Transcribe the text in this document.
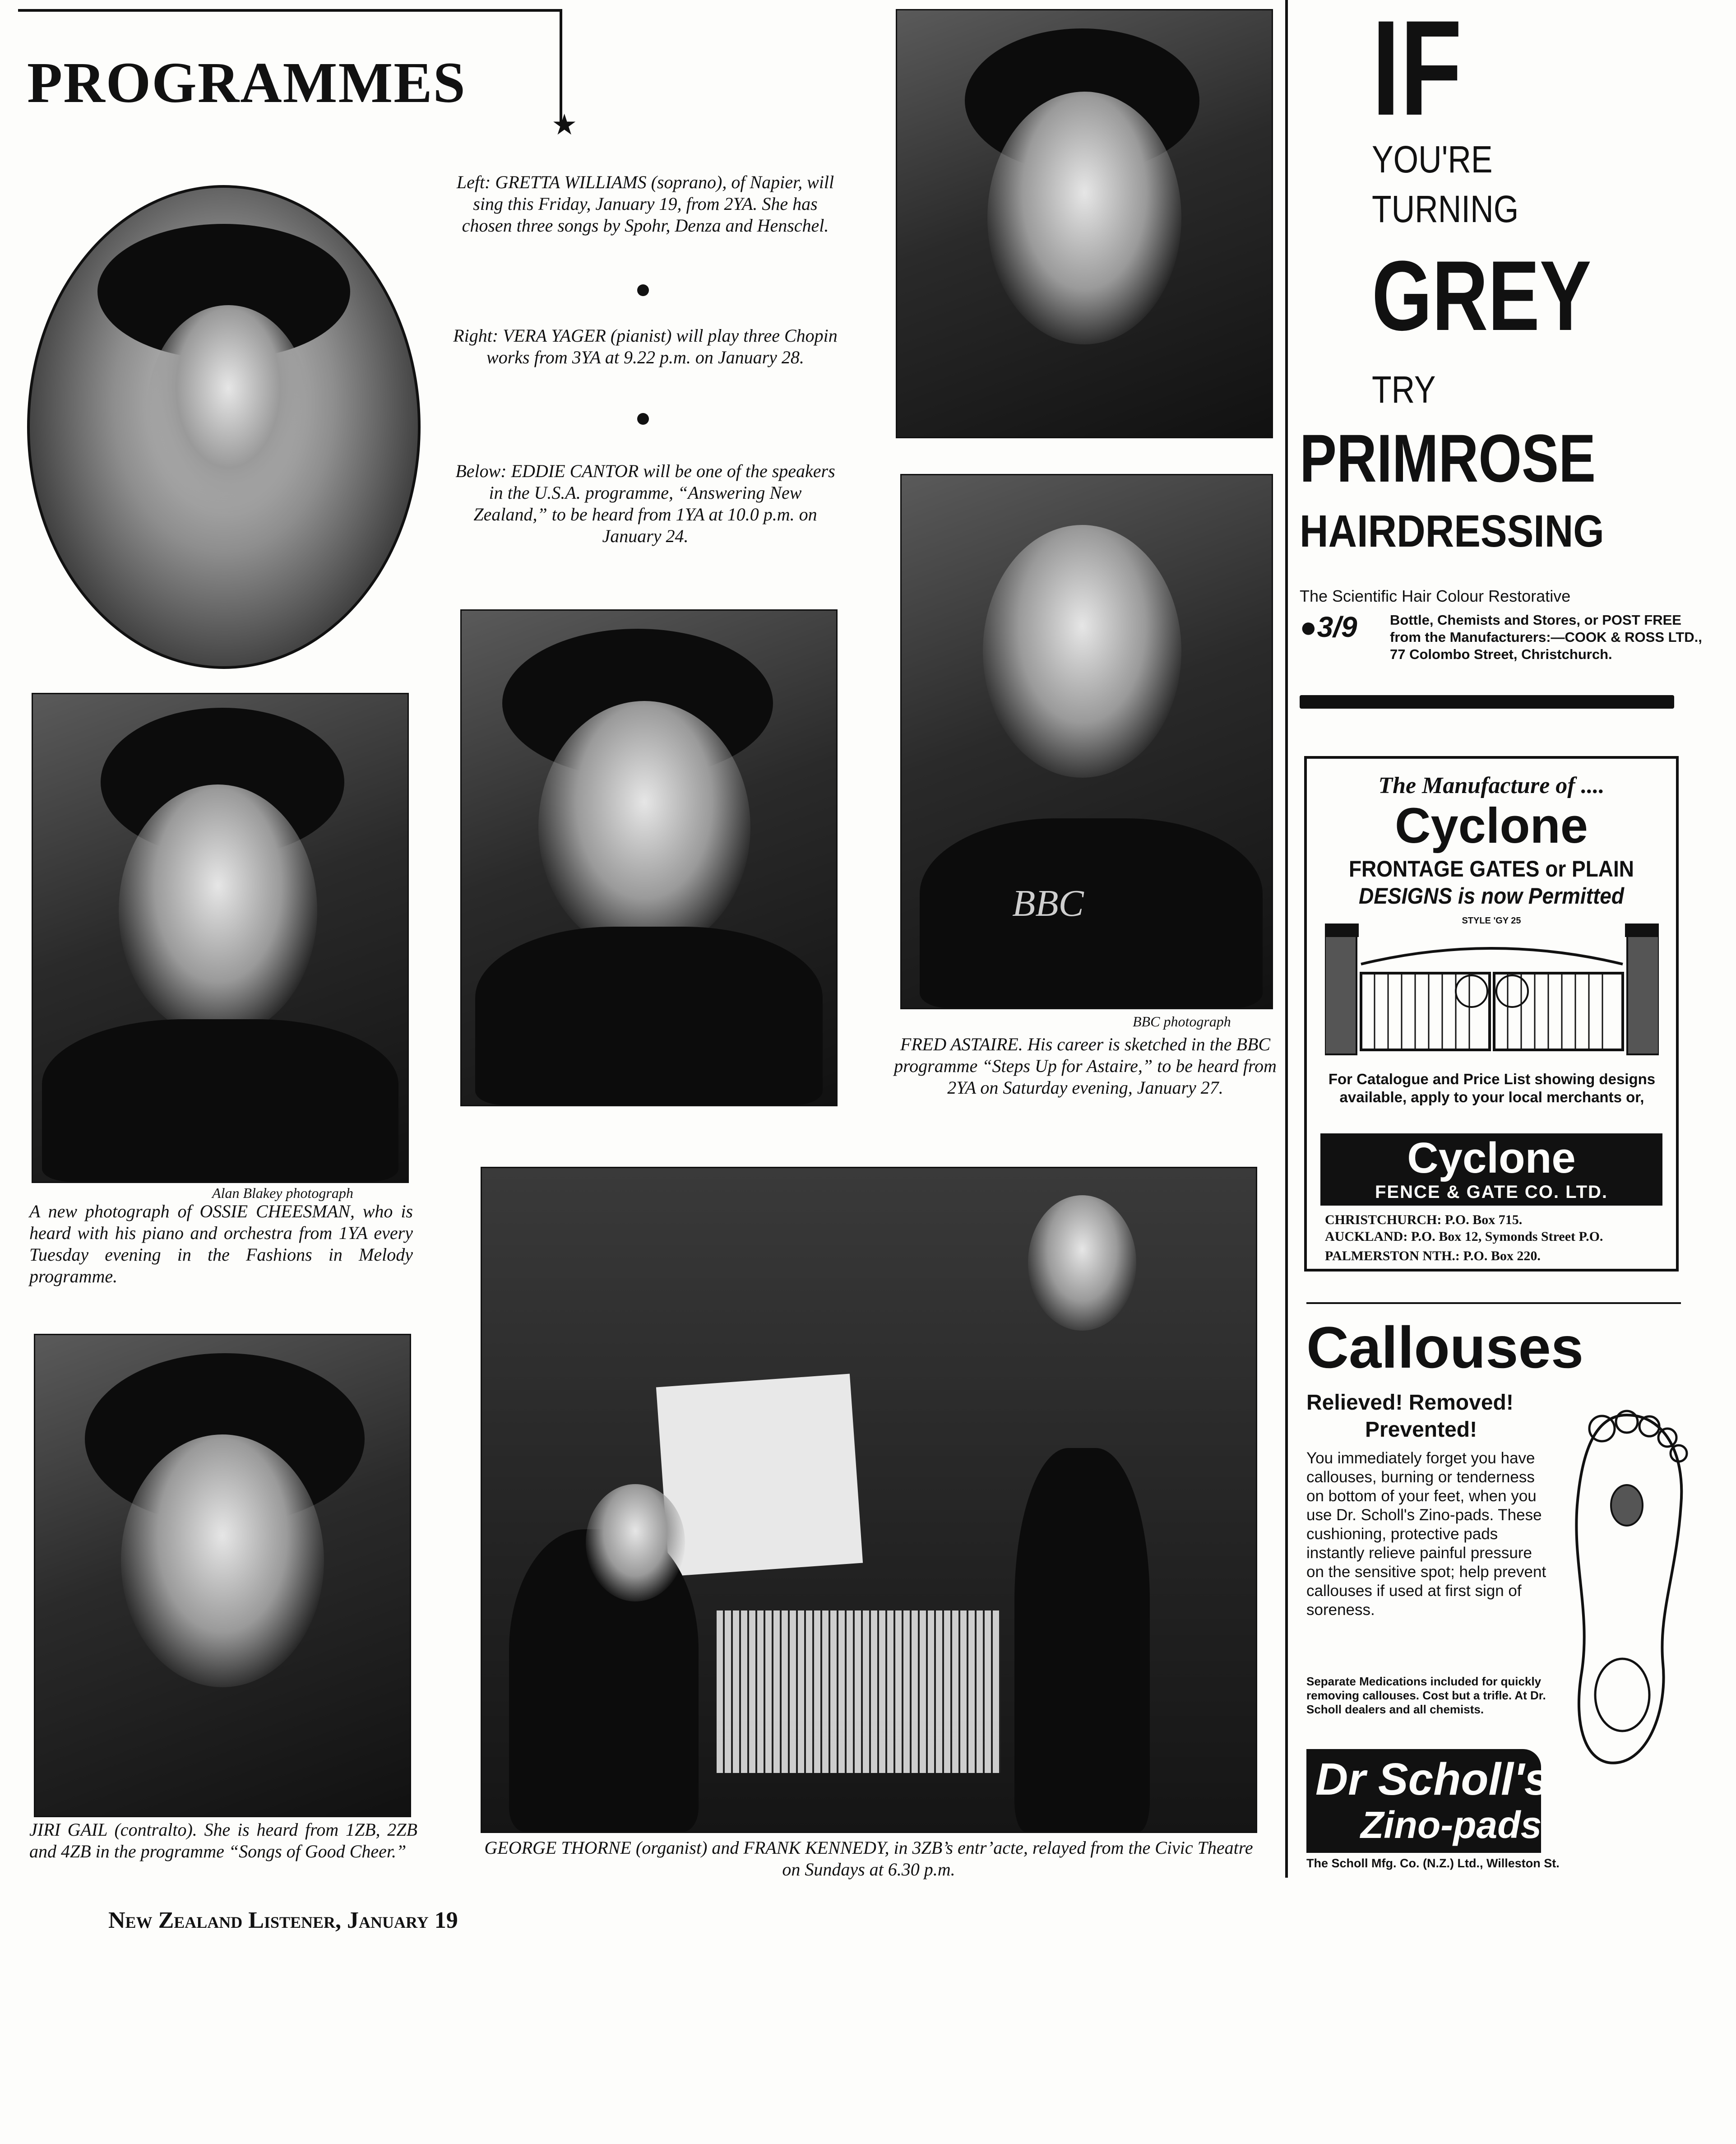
PROGRAMMES
★
Left: GRETTA WILLIAMS (soprano), of Napier, will sing this Friday, January 19, from 2YA. She has chosen three songs by Spohr, Denza and Henschel.
Right: VERA YAGER (pianist) will play three Chopin works from 3YA at 9.22 p.m. on January 28.
Below: EDDIE CANTOR will be one of the speakers in the U.S.A. programme, “Answering New Zealand,” to be heard from 1YA at 10.0 p.m. on January 24.
BBC
BBC photograph
FRED ASTAIRE. His career is sketched in the BBC programme “Steps Up for Astaire,” to be heard from 2YA on Saturday evening, January 27.
Alan Blakey photograph
A new photograph of OSSIE CHEESMAN, who is heard with his piano and orchestra from 1YA every Tuesday evening in the Fashions in Melody programme.
JIRI GAIL (contralto). She is heard from 1ZB, 2ZB and 4ZB in the programme “Songs of Good Cheer.”	GEORGE THORNE (organist) and FRANK KENNEDY, in 3ZB’s entr’acte, relayed from the Civic Theatre on Sundays at 6.30 p.m.
New Zealand Listener, January 19
IF
YOU'RE
TURNING
GREY
TRY
PRIMROSE
HAIRDRESSING
The Scientific Hair Colour Restorative
●3/9 Bottle, Chemists and Stores, or POST FREE from the Manufacturers:—COOK & ROSS LTD., 77 Colombo Street, Christchurch.
The Manufacture of ....
Cyclone
FRONTAGE GATES or PLAIN
DESIGNS is now Permitted
STYLE 'GY 25
For Catalogue and Price List showing designs available, apply to your local merchants or,
Cyclone
FENCE & GATE CO. LTD.
CHRISTCHURCH: P.O. Box 715.
AUCKLAND: P.O. Box 12, Symonds Street P.O.
PALMERSTON NTH.: P.O. Box 220.
Callouses
Relieved! Removed!
Prevented!
You immediately forget you have callouses, burning or tenderness on bottom of your feet, when you use Dr. Scholl's Zino-pads. These cushioning, protective pads instantly relieve painful pressure on the sensitive spot; help prevent callouses if used at first sign of soreness.
Separate Medications included for quickly removing callouses. Cost but a trifle. At Dr. Scholl dealers and all chemists.
Dr Scholl's
Zino-pads
The Scholl Mfg. Co. (N.Z.) Ltd., Willeston St.
